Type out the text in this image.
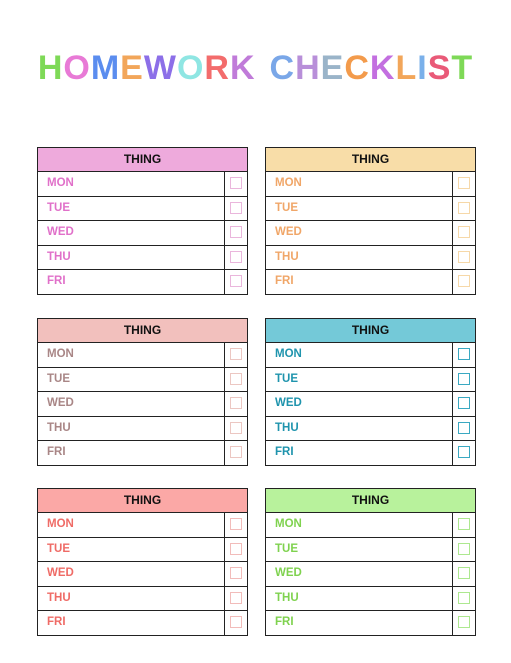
HOMEWORK CHECKLIST
THING
MON
TUE
WED
THU
FRI
THING
MON
TUE
WED
THU
FRI
THING
MON
TUE
WED
THU
FRI
THING
MON
TUE
WED
THU
FRI
THING
MON
TUE
WED
THU
FRI
THING
MON
TUE
WED
THU
FRI
